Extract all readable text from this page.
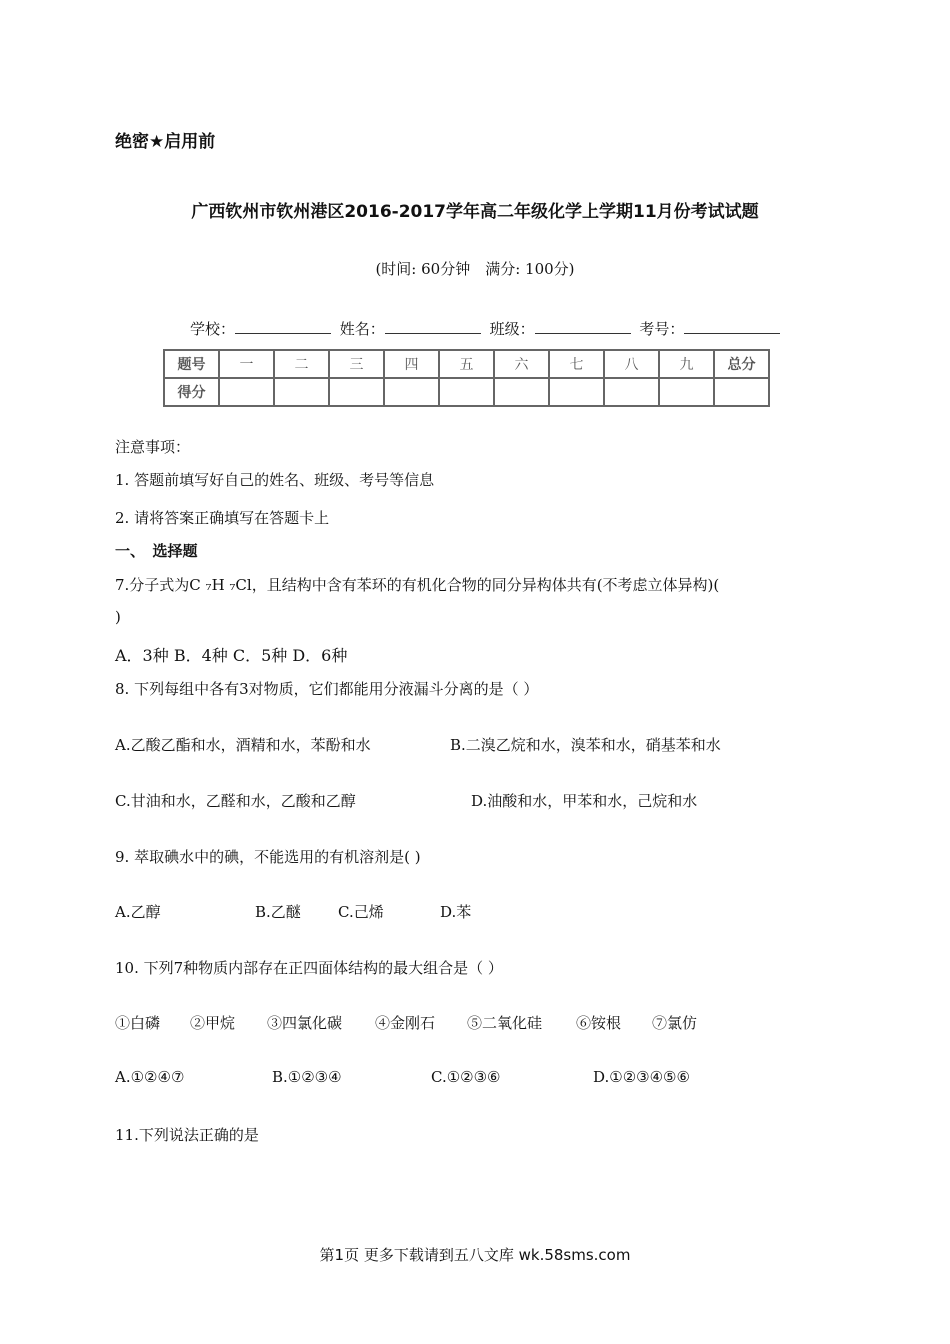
绝密★启用前
广西钦州市钦州港区2016-2017学年高二年级化学上学期11月份考试试题
(时间: 60分钟　满分: 100分)
学校：	姓名：	班级：	考号：
题号	一	二	三	四	五	六	七	八	九	总分
得分										
注意事项：
1. 答题前填写好自己的姓名、班级、考号等信息
2. 请将答案正确填写在答题卡上
一、　选择题
7.分子式为C ₇H ₇Cl，且结构中含有苯环的有机化合物的同分异构体共有(不考虑立体异构)(
)
A．3种 B．4种 C．5种 D．6种
8. 下列每组中各有3对物质，它们都能用分液漏斗分离的是（ ）
A.乙酸乙酯和水，酒精和水，苯酚和水	B.二溴乙烷和水，溴苯和水，硝基苯和水
C.甘油和水，乙醛和水，乙酸和乙醇	D.油酸和水，甲苯和水，己烷和水
9. 萃取碘水中的碘，不能选用的有机溶剂是( )
A.乙醇	B.乙醚 C.己烯	D.苯
10. 下列7种物质内部存在正四面体结构的最大组合是（ ）
①白磷 ②甲烷 ③四氯化碳 ④金刚石 ⑤二氧化硅 ⑥铵根 ⑦氯仿
A.①②④⑦	B.①②③④	C.①②③⑥	D.①②③④⑤⑥
11.下列说法正确的是
第1页 更多下载请到五八文库 wk.58sms.com
